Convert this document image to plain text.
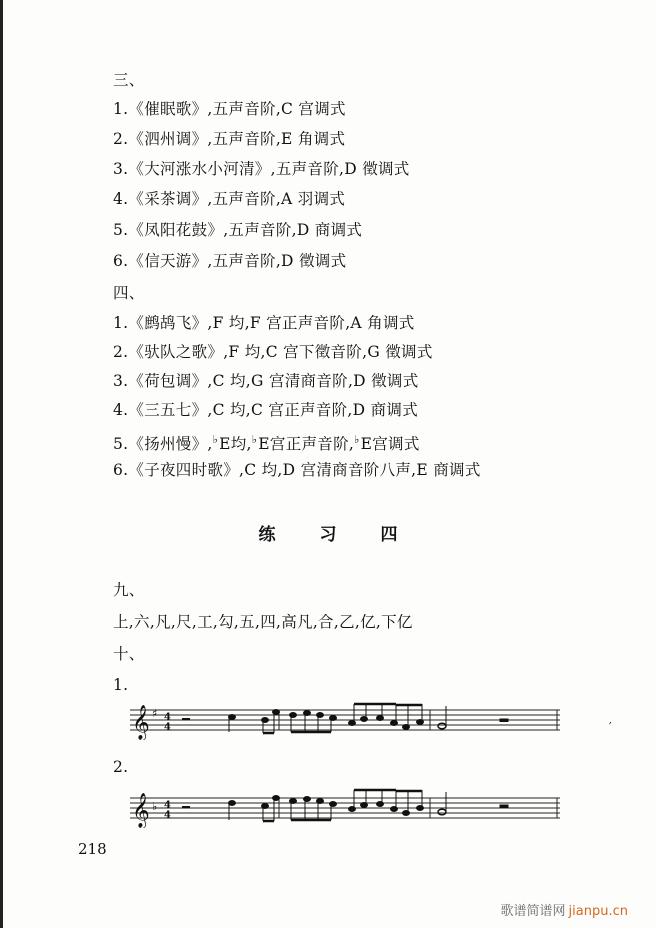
三、
1.《催眠歌》,五声音阶,C 宫调式
2.《泗州调》,五声音阶,E 角调式
3.《大河涨水小河清》,五声音阶,D 徵调式
4.《采茶调》,五声音阶,A 羽调式
5.《凤阳花鼓》,五声音阶,D 商调式
6.《信天游》,五声音阶,D 徵调式
四、
1.《鹧鸪飞》,F 均,F 宫正声音阶,A 角调式
2.《驮队之歌》,F 均,C 宫下徵音阶,G 徵调式
3.《荷包调》,C 均,G 宫清商音阶,D 徵调式
4.《三五七》,C 均,C 宫正声音阶,D 商调式
5.《扬州慢》,♭E均,♭E宫正声音阶,♭E宫调式
6.《子夜四时歌》,C 均,D 宫清商音阶八声,E 商调式
练	习	四
九、
上,六,凡,尺,工,勾,五,四,高凡,合,乙,亿,下亿
十、
1.
𝄞 ♯ 4
4	′
2.
𝄞 ♭ 4
4
218
歌谱简谱网 jianpu.cn
